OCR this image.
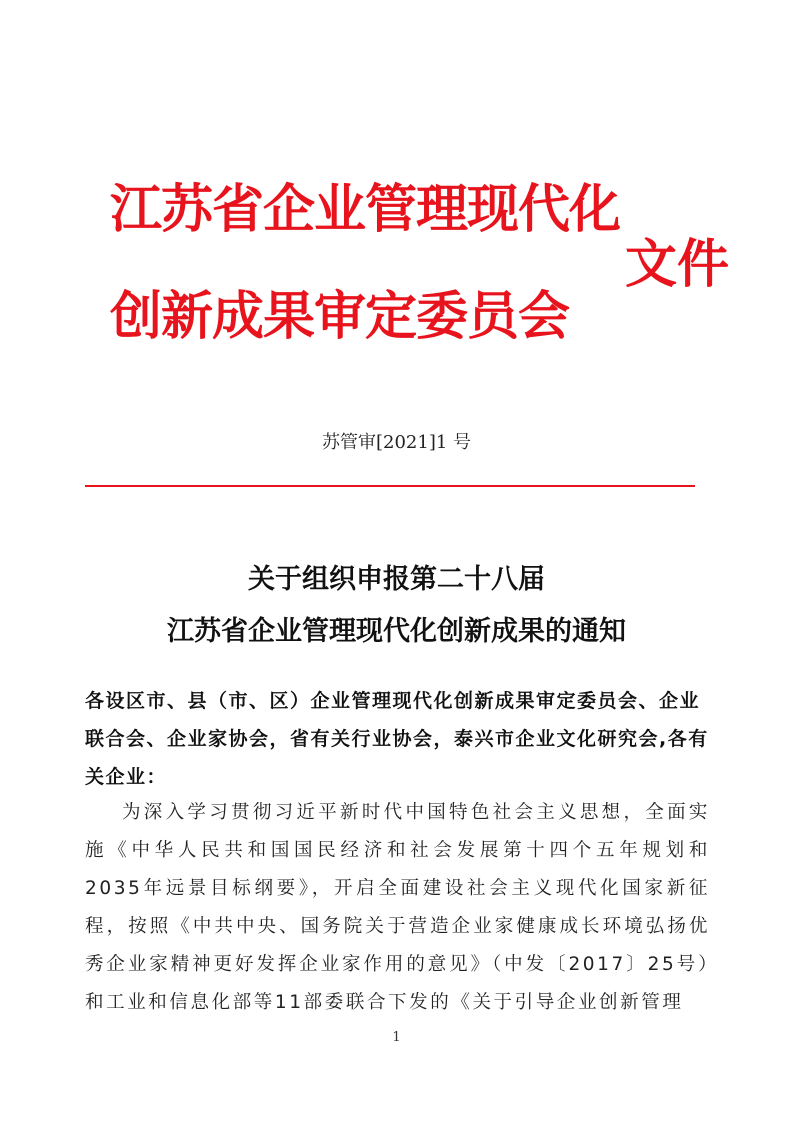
江苏省企业管理现代化
创新成果审定委员会
文件
苏管审[2021]1 号
关于组织申报第二十八届
江苏省企业管理现代化创新成果的通知
各设区市、县（市、区）企业管理现代化创新成果审定委员会、企业联合会、企业家协会，省有关行业协会，泰兴市企业文化研究会,各有关企业：
为深入学习贯彻习近平新时代中国特色社会主义思想，全面实施《中华人民共和国国民经济和社会发展第十四个五年规划和2035年远景目标纲要》，开启全面建设社会主义现代化国家新征程，按照《中共中央、国务院关于营造企业家健康成长环境弘扬优秀企业家精神更好发挥企业家作用的意见》（中发〔2017〕25号）和工业和信息化部等11部委联合下发的《关于引导企业创新管理
1
